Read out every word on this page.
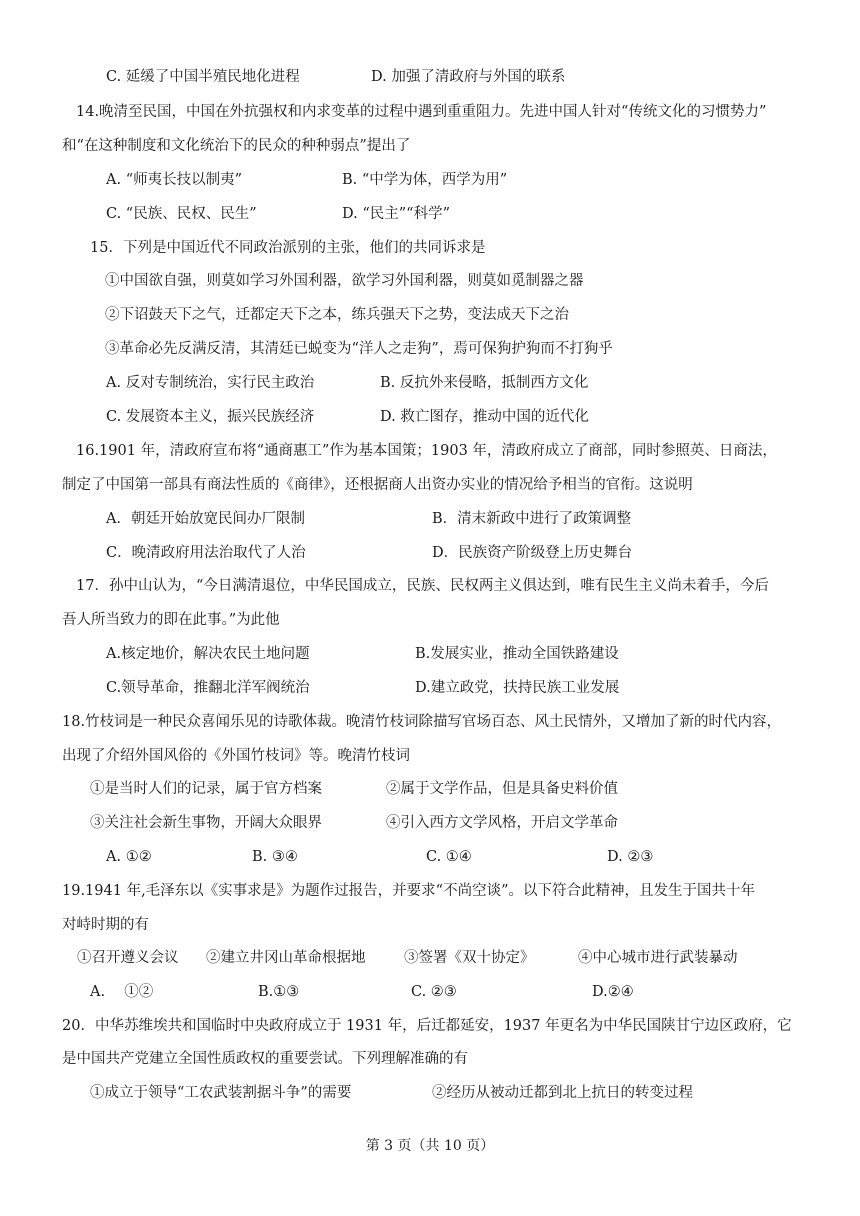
C. 延缓了中国半殖民地化进程	D. 加强了清政府与外国的联系
14.晚清至民国，中国在外抗强权和内求变革的过程中遇到重重阻力。先进中国人针对“传统文化的习惯势力”
和“在这种制度和文化统治下的民众的种种弱点”提出了
A. “师夷长技以制夷”	B. “中学为体，西学为用”
C. “民族、民权、民生”	D. “民主”“科学”
15．下列是中国近代不同政治派别的主张，他们的共同诉求是
①中国欲自强，则莫如学习外国利器，欲学习外国利器，则莫如觅制器之器
②下诏鼓天下之气，迁都定天下之本，练兵强天下之势，变法成天下之治
③革命必先反满反清，其清廷已蜕变为“洋人之走狗”，焉可保狗护狗而不打狗乎
A. 反对专制统治，实行民主政治	B. 反抗外来侵略，抵制西方文化
C. 发展资本主义，振兴民族经济	D. 救亡图存，推动中国的近代化
16.1901 年，清政府宣布将“通商惠工”作为基本国策；1903 年，清政府成立了商部，同时参照英、日商法，
制定了中国第一部具有商法性质的《商律》，还根据商人出资办实业的情况给予相当的官衔。这说明
A．朝廷开始放宽民间办厂限制	B．清末新政中进行了政策调整
C．晚清政府用法治取代了人治	D．民族资产阶级登上历史舞台
17．孙中山认为，“今日满清退位，中华民国成立，民族、民权两主义俱达到，唯有民生主义尚未着手，今后
吾人所当致力的即在此事。”为此他
A.核定地价，解决农民土地问题	B.发展实业，推动全国铁路建设
C.领导革命，推翻北洋军阀统治	D.建立政党，扶持民族工业发展
18.竹枝词是一种民众喜闻乐见的诗歌体裁。晚清竹枝词除描写官场百态、风土民情外，又增加了新的时代内容，
出现了介绍外国风俗的《外国竹枝词》等。晚清竹枝词
①是当时人们的记录，属于官方档案	②属于文学作品，但是具备史料价值
③关注社会新生事物，开阔大众眼界	④引入西方文学风格，开启文学革命
A. ①②	B. ③④	C. ①④	D. ②③
19.1941 年,毛泽东以《实事求是》为题作过报告，并要求“不尚空谈”。以下符合此精神，且发生于国共十年
对峙时期的有
①召开遵义会议 ②建立井冈山革命根据地	③签署《双十协定》	④中心城市进行武装暴动
A.　 ①②	B.①③	C. ②③	D.②④
20．中华苏维埃共和国临时中央政府成立于 1931 年，后迁都延安，1937 年更名为中华民国陕甘宁边区政府，它
是中国共产党建立全国性质政权的重要尝试。下列理解准确的有
①成立于领导“工农武装割据斗争”的需要	②经历从被动迁都到北上抗日的转变过程
第 3 页（共 10 页）
